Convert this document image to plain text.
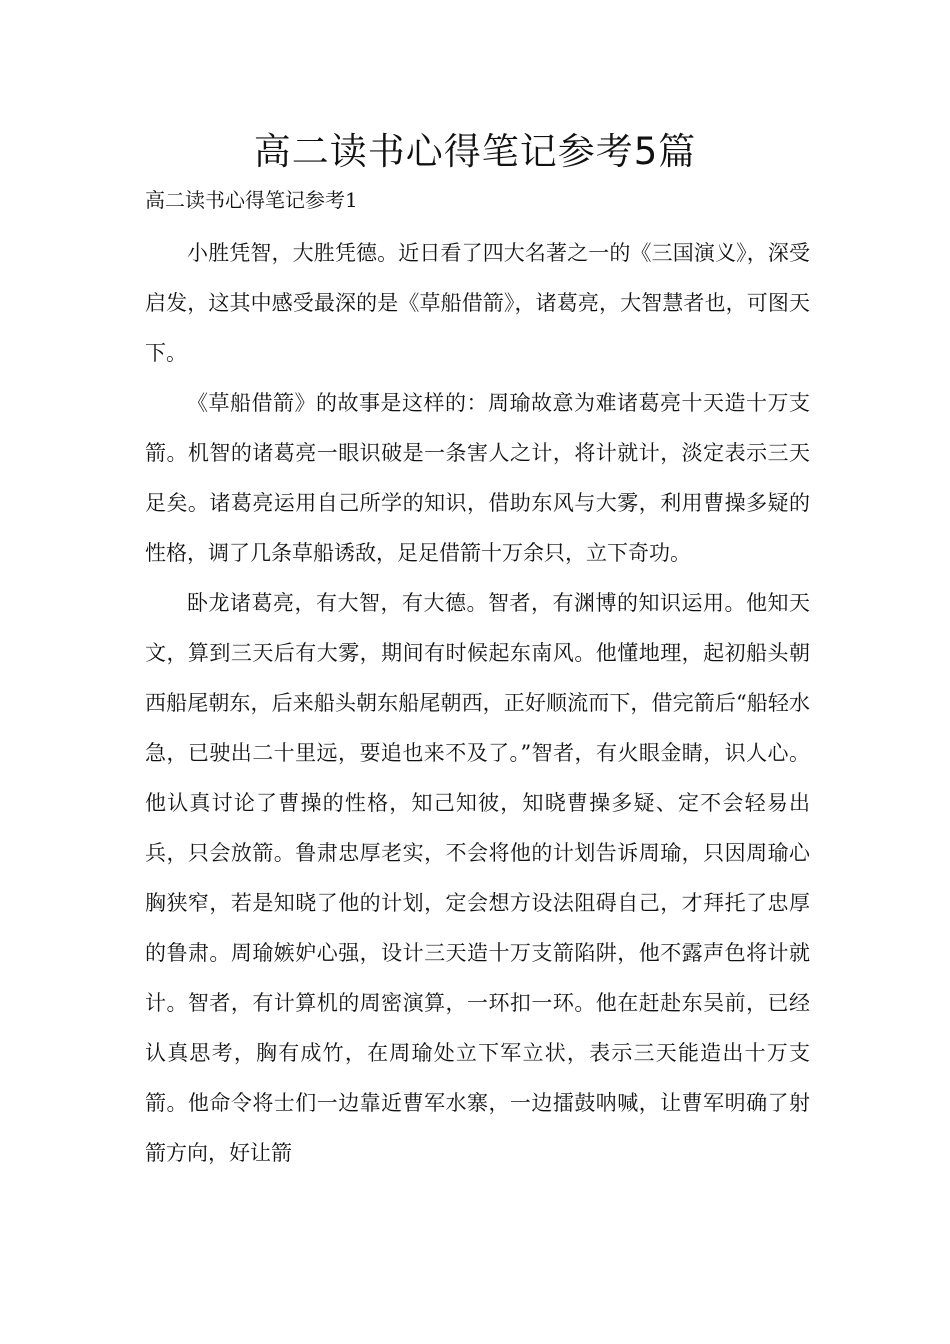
高二读书心得笔记参考5篇
高二读书心得笔记参考1

小胜凭智，大胜凭德。近日看了四大名著之一的《三国演义》，深受启发，这其中感受最深的是《草船借箭》，诸葛亮，大智慧者也，可图天下。

《草船借箭》的故事是这样的：周瑜故意为难诸葛亮十天造十万支箭。机智的诸葛亮一眼识破是一条害人之计，将计就计，淡定表示三天足矣。诸葛亮运用自己所学的知识，借助东风与大雾，利用曹操多疑的性格，调了几条草船诱敌，足足借箭十万余只，立下奇功。

卧龙诸葛亮，有大智，有大德。智者，有渊博的知识运用。他知天文，算到三天后有大雾，期间有时候起东南风。他懂地理，起初船头朝西船尾朝东，后来船头朝东船尾朝西，正好顺流而下，借完箭后“船轻水急，已驶出二十里远，要追也来不及了。”智者，有火眼金睛，识人心。他认真讨论了曹操的性格，知己知彼，知晓曹操多疑、定不会轻易出兵，只会放箭。鲁肃忠厚老实，不会将他的计划告诉周瑜，只因周瑜心胸狭窄，若是知晓了他的计划，定会想方设法阻碍自己，才拜托了忠厚的鲁肃。周瑜嫉妒心强，设计三天造十万支箭陷阱，他不露声色将计就计。智者，有计算机的周密演算，一环扣一环。他在赶赴东吴前，已经认真思考，胸有成竹，在周瑜处立下军立状，表示三天能造出十万支箭。他命令将士们一边靠近曹军水寨，一边擂鼓呐喊，让曹军明确了射箭方向，好让箭
